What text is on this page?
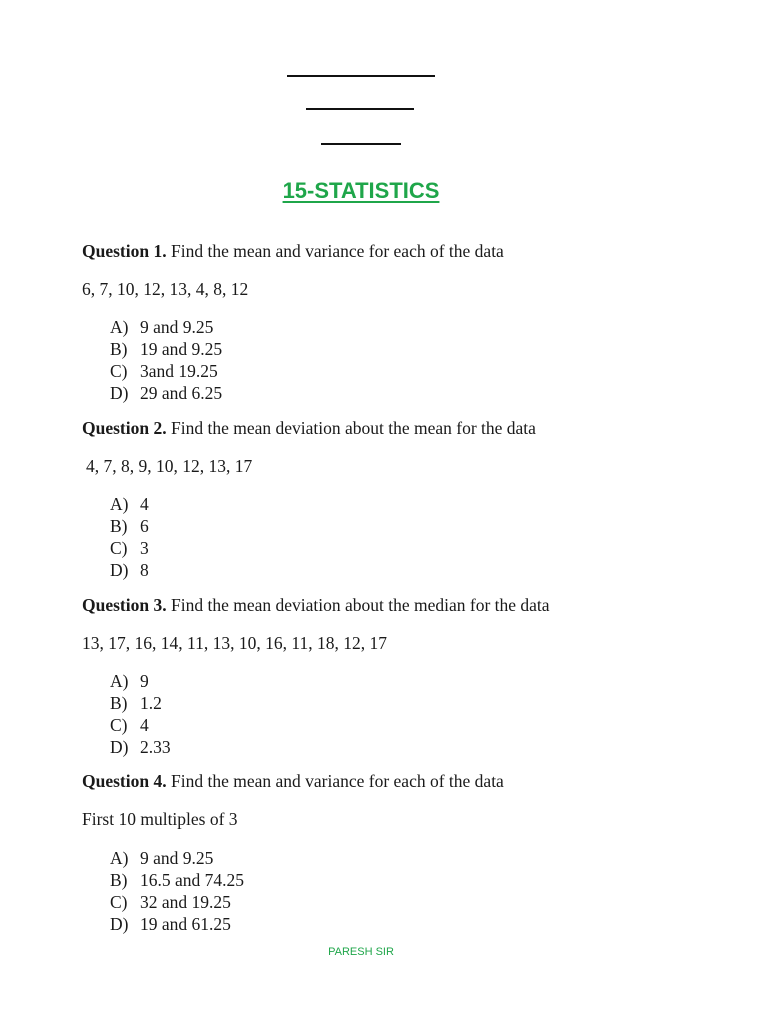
15-STATISTICS
Question 1. Find the mean and variance for each of the data
6, 7, 10, 12, 13, 4, 8, 12
A) 9 and 9.25
B) 19 and 9.25
C) 3and 19.25
D) 29 and 6.25
Question 2. Find the mean deviation about the mean for the data
4, 7, 8, 9, 10, 12, 13, 17
A) 4
B) 6
C) 3
D) 8
Question 3. Find the mean deviation about the median for the data
13, 17, 16, 14, 11, 13, 10, 16, 11, 18, 12, 17
A) 9
B) 1.2
C) 4
D) 2.33
Question 4. Find the mean and variance for each of the data
First 10 multiples of 3
A) 9 and 9.25
B) 16.5 and 74.25
C) 32 and 19.25
D) 19 and 61.25
PARESH SIR
